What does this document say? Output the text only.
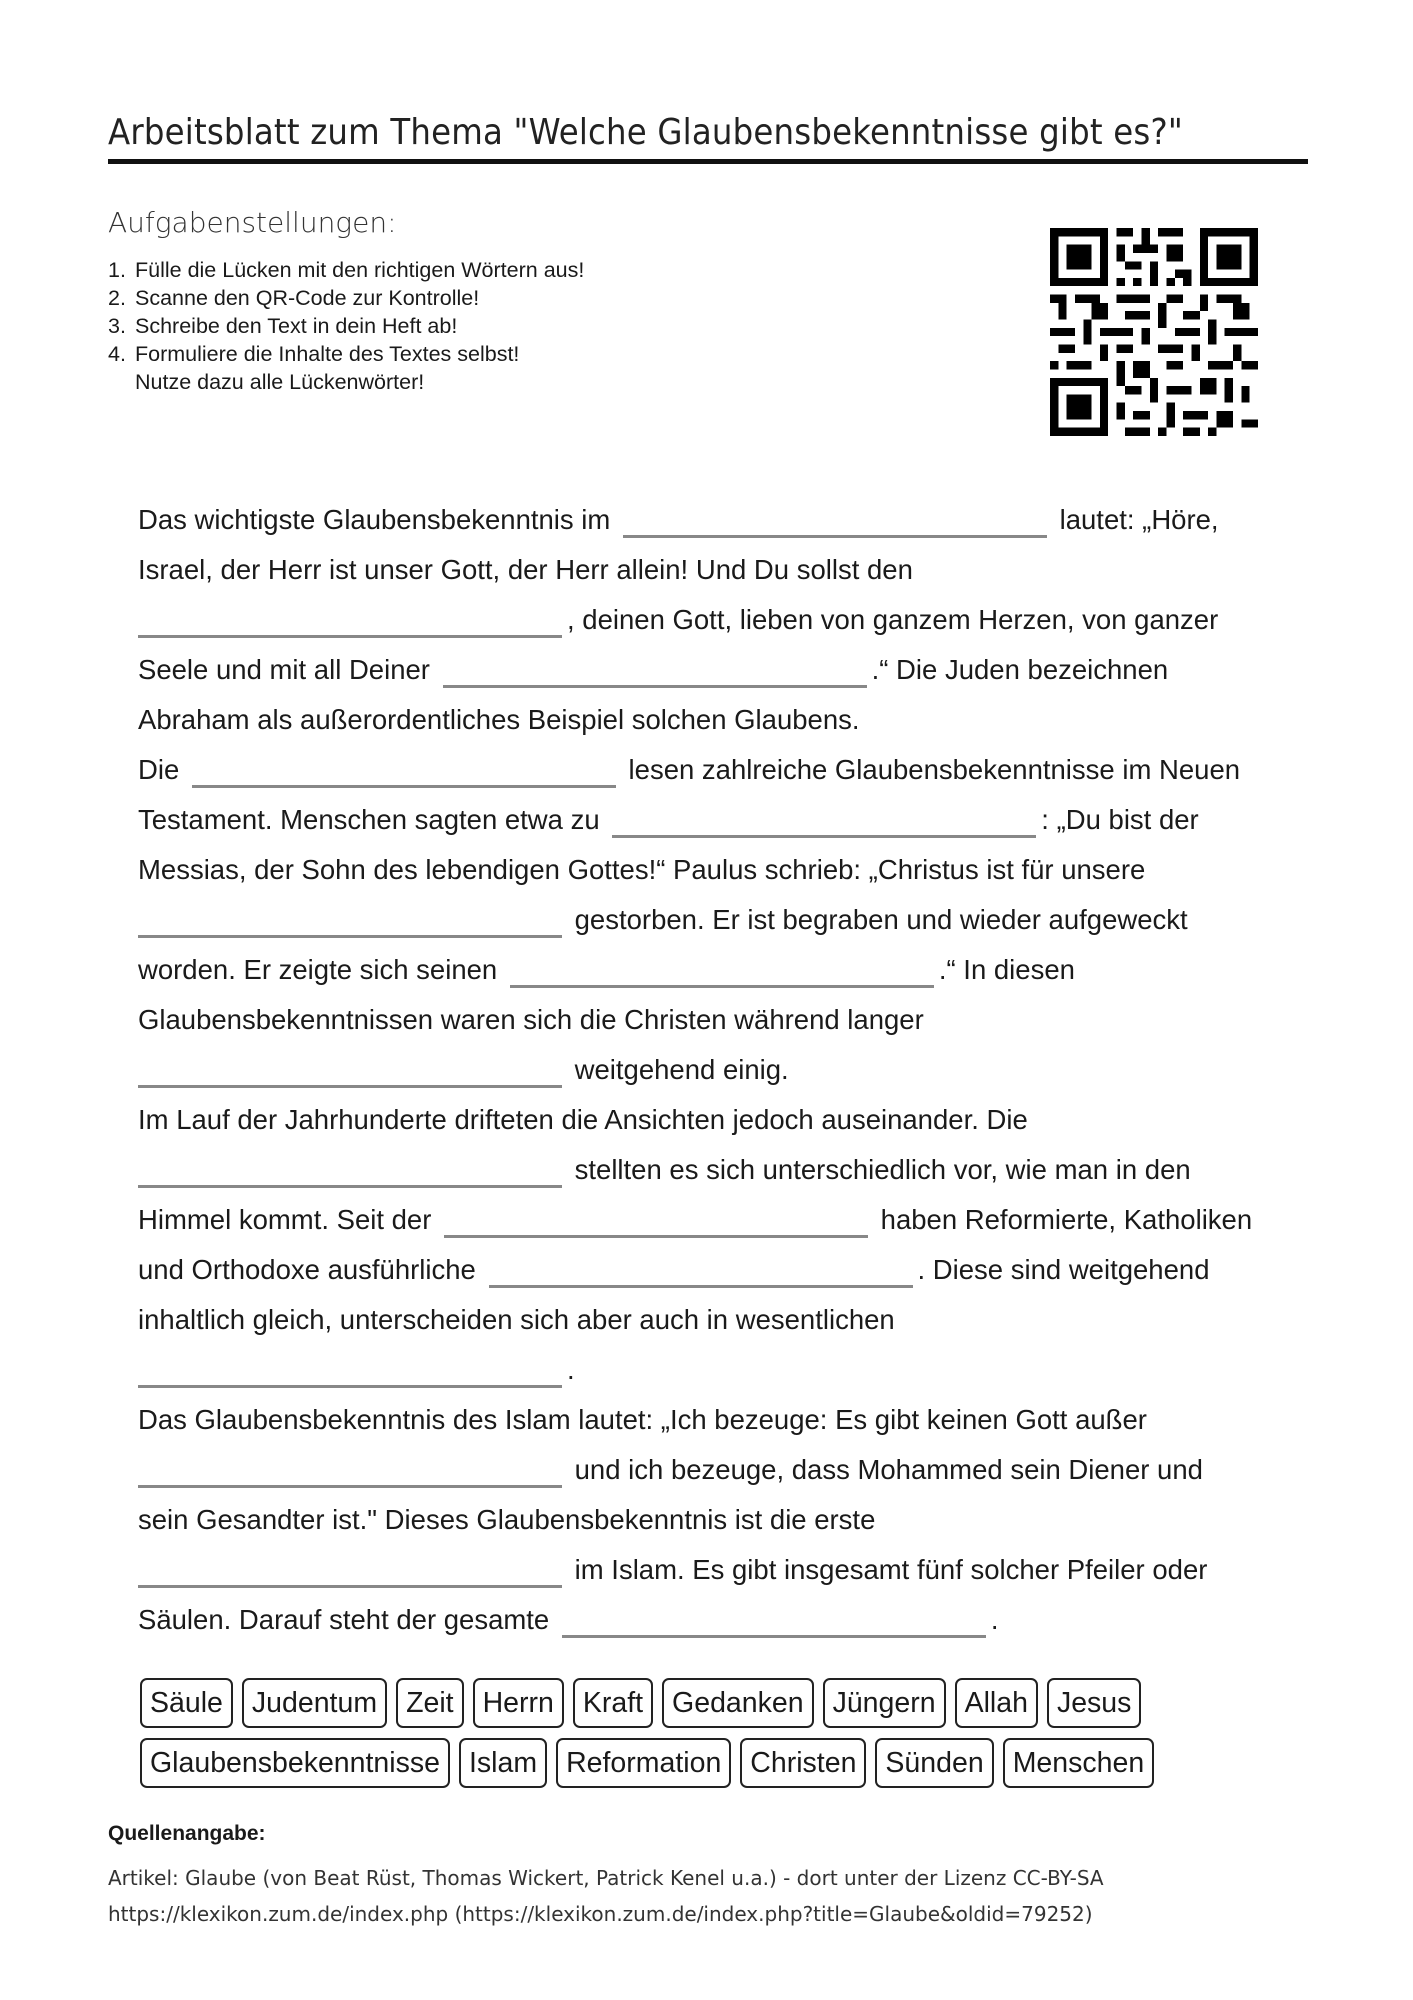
Arbeitsblatt zum Thema "Welche Glaubensbekenntnisse gibt es?"
Aufgabenstellungen:
1. Fülle die Lücken mit den richtigen Wörtern aus!
2. Scanne den QR-Code zur Kontrolle!
3. Schreibe den Text in dein Heft ab!
4. Formuliere die Inhalte des Textes selbst!
Nutze dazu alle Lückenwörter!
Das wichtigste Glaubensbekenntnis im	lautet: „Höre,
Israel, der Herr ist unser Gott, der Herr allein! Und Du sollst den
, deinen Gott, lieben von ganzem Herzen, von ganzer
Seele und mit all Deiner	.“ Die Juden bezeichnen
Abraham als außerordentliches Beispiel solchen Glaubens.
Die	lesen zahlreiche Glaubensbekenntnisse im Neuen
Testament. Menschen sagten etwa zu	: „Du bist der
Messias, der Sohn des lebendigen Gottes!“ Paulus schrieb: „Christus ist für unsere
gestorben. Er ist begraben und wieder aufgeweckt
worden. Er zeigte sich seinen	.“ In diesen
Glaubensbekenntnissen waren sich die Christen während langer
weitgehend einig.
Im Lauf der Jahrhunderte drifteten die Ansichten jedoch auseinander. Die
stellten es sich unterschiedlich vor, wie man in den
Himmel kommt. Seit der	haben Reformierte, Katholiken
und Orthodoxe ausführliche	. Diese sind weitgehend
inhaltlich gleich, unterscheiden sich aber auch in wesentlichen
.
Das Glaubensbekenntnis des Islam lautet: „Ich bezeuge: Es gibt keinen Gott außer
und ich bezeuge, dass Mohammed sein Diener und
sein Gesandter ist." Dieses Glaubensbekenntnis ist die erste
im Islam. Es gibt insgesamt fünf solcher Pfeiler oder
Säulen. Darauf steht der gesamte	.
Säule	Judentum	Zeit	Herrn	Kraft	Gedanken	Jüngern	Allah	Jesus
Glaubensbekenntnisse	Islam	Reformation	Christen	Sünden	Menschen
Quellenangabe:
Artikel: Glaube (von Beat Rüst, Thomas Wickert, Patrick Kenel u.a.) - dort unter der Lizenz CC-BY-SA
https://klexikon.zum.de/index.php (https://klexikon.zum.de/index.php?title=Glaube&oldid=79252)
